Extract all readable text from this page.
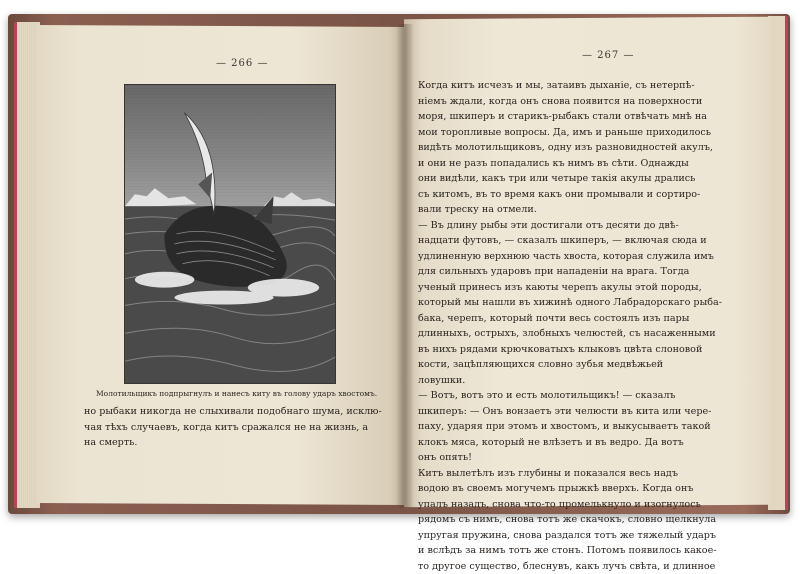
— 266 —
— 267 —
Молотильщикъ подпрыгнулъ и нанесъ киту въ голову ударъ хвостомъ.
но рыбаки никогда не слыхивали подобнаго шума, исклю-
чая тѣхъ случаевъ, когда китъ сражался не на жизнь, а
на смерть.
Когда китъ исчезъ и мы, затаивъ дыханіе, съ нетерпѣ-
ніемъ ждали, когда онъ снова появится на поверхности
моря, шкиперъ и старикъ-рыбакъ стали отвѣчать мнѣ на
мои торопливые вопросы. Да, имъ и раньше приходилось
видѣть молотильщиковъ, одну изъ разновидностей акулъ,
и они не разъ попадались къ нимъ въ сѣти. Однажды
они видѣли, какъ три или четыре такія акулы дрались
съ китомъ, въ то время какъ они промывали и сортиро-
вали треску на отмели.
— Въ длину рыбы эти достигали отъ десяти до двѣ-
надцати футовъ, — сказалъ шкиперъ, — включая сюда и
удлиненную верхнюю часть хвоста, которая служила имъ
для сильныхъ ударовъ при нападеніи на врага. Тогда
ученый принесъ изъ каюты черепъ акулы этой породы,
который мы нашли въ хижинѣ одного Лабрадорскаго рыба-
бака, черепъ, который почти весь состоялъ изъ пары
длинныхъ, острыхъ, злобныхъ челюстей, съ насаженными
въ нихъ рядами крючковатыхъ клыковъ цвѣта слоновой
кости, зацѣпляющихся словно зубья медвѣжьей
ловушки.
— Вотъ, вотъ это и есть молотильщикъ! — сказалъ
шкиперъ: — Онъ вонзаетъ эти челюсти въ кита или чере-
паху, ударяя при этомъ и хвостомъ, и выкусываетъ такой
клокъ мяса, который не влѣзетъ и въ ведро. Да вотъ
онъ опять!
Китъ вылетѣлъ изъ глубины и показался весь надъ
водою въ своемъ могучемъ прыжкѣ вверхъ. Когда онъ
упалъ назадъ, снова что-то промелькнуло и изогнулось
рядомъ съ нимъ, снова тотъ же скачокъ, словно щелкнула
упругая пружина, снова раздался тотъ же тяжелый ударъ
и вслѣдъ за нимъ тотъ же стонъ. Потомъ появилось какое-
то другое существо, блеснувъ, какъ лучъ свѣта, и длинное
